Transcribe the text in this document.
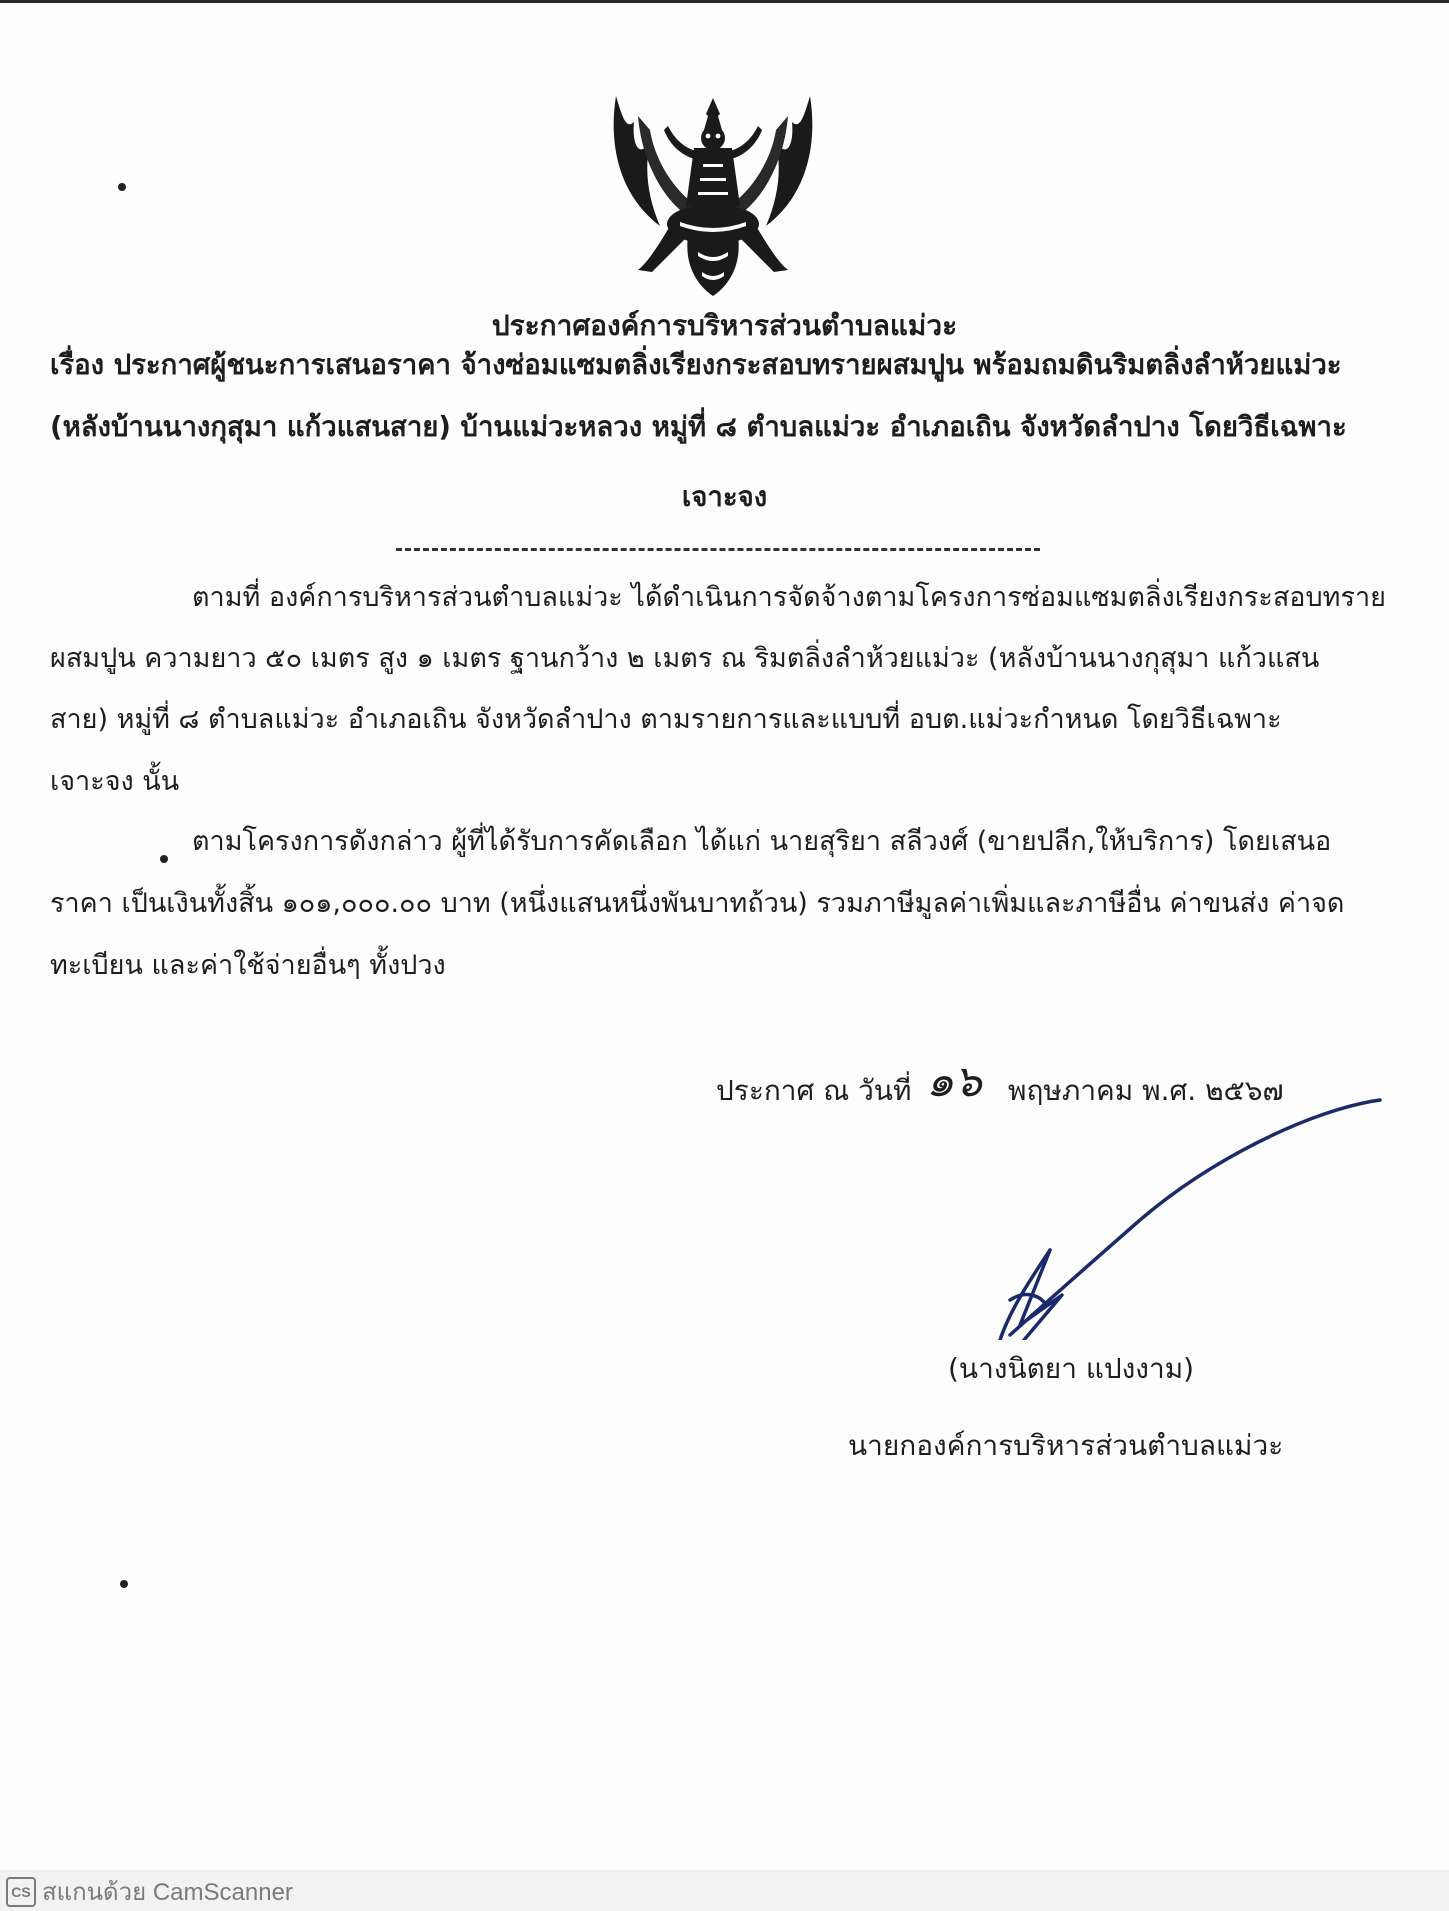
ประกาศองค์การบริหารส่วนตำบลแม่วะ
เรื่อง ประกาศผู้ชนะการเสนอราคา จ้างซ่อมแซมตลิ่งเรียงกระสอบทรายผสมปูน พร้อมถมดินริมตลิ่งลำห้วยแม่วะ
(หลังบ้านนางกุสุมา แก้วแสนสาย) บ้านแม่วะหลวง หมู่ที่ ๘ ตำบลแม่วะ อำเภอเถิน จังหวัดลำปาง โดยวิธีเฉพาะ
เจาะจง
ตามที่ องค์การบริหารส่วนตำบลแม่วะ ได้ดำเนินการจัดจ้างตามโครงการซ่อมแซมตลิ่งเรียงกระสอบทราย
ผสมปูน ความยาว ๕๐ เมตร สูง ๑ เมตร ฐานกว้าง ๒ เมตร ณ ริมตลิ่งลำห้วยแม่วะ (หลังบ้านนางกุสุมา แก้วแสน
สาย) หมู่ที่ ๘ ตำบลแม่วะ อำเภอเถิน จังหวัดลำปาง ตามรายการและแบบที่ อบต.แม่วะกำหนด โดยวิธีเฉพาะ
เจาะจง นั้น
ตามโครงการดังกล่าว ผู้ที่ได้รับการคัดเลือก ได้แก่ นายสุริยา สลีวงศ์ (ขายปลีก,ให้บริการ) โดยเสนอ
ราคา เป็นเงินทั้งสิ้น ๑๐๑,๐๐๐.๐๐ บาท (หนึ่งแสนหนึ่งพันบาทถ้วน) รวมภาษีมูลค่าเพิ่มและภาษีอื่น ค่าขนส่ง ค่าจด
ทะเบียน และค่าใช้จ่ายอื่นๆ ทั้งปวง
ประกาศ ณ วันที่ ๑๖ พฤษภาคม พ.ศ. ๒๕๖๗
(นางนิตยา แปงงาม)
นายกองค์การบริหารส่วนตำบลแม่วะ
CS สแกนด้วย CamScanner
